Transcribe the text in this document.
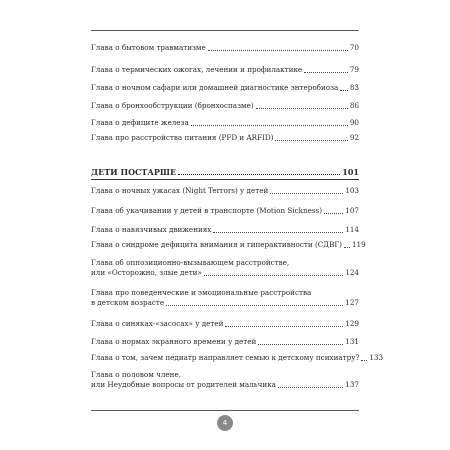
4
Глава о бытовом травматизме	70
Глава о термических ожогах, лечении и профилактике	79
Глава о ночном сафари или домашней диагностике энтеробиоза 83
Глава о бронхообструкции (бронхоспазме)	86
Глава о дефиците железа	90
Глава про расстройства питания (PFD и ARFID)	92
ДЕТИ ПОСТАРШЕ	101
Глава о ночных ужасах (Night Terrors) у детей	103
Глава об укачивании у детей в транспорте (Motion Sickness)	107
Глава о навязчивых движениях	114
Глава о синдроме дефицита внимания и гиперактивности (СДВГ) 119
Глава об оппозиционно-вызывающем расстройстве,
или «Осторожно, злые дети»	124
Глава про поведенческие и эмоциональные расстройства
в детском возрасте	127
Глава о синяках-«засосах» у детей	129
Глава о нормах экранного времени у детей	131
Глава о том, зачем педиатр направляет семью к детскому психиатру? 133
Глава о половом члене,
или Неудобные вопросы от родителей мальчика	137
